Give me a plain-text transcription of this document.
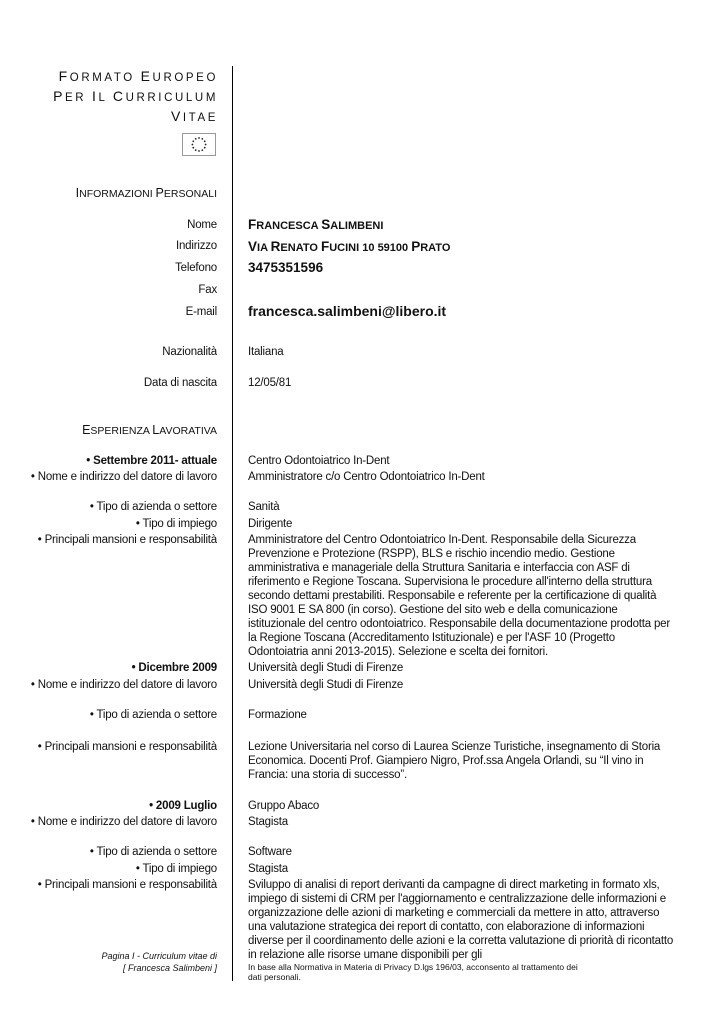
FORMATO EUROPEO
PER IL CURRICULUM
VITAE
INFORMAZIONI PERSONALI
Nome FRANCESCA SALIMBENI
Indirizzo VIA RENATO FUCINI 10 59100 PRATO
Telefono 3475351596
Fax
E-mail francesca.salimbeni@libero.it
Nazionalità	Italiana
Data di nascita	12/05/81
ESPERIENZA LAVORATIVA
• Settembre 2011- attuale	Centro Odontoiatrico In-Dent
• Nome e indirizzo del datore di lavoro	Amministratore c/o Centro Odontoiatrico In-Dent
• Tipo di azienda o settore	Sanità
• Tipo di impiego	Dirigente
• Principali mansioni e responsabilità	Amministratore del Centro Odontoiatrico In-Dent. Responsabile della Sicurezza Prevenzione e Protezione (RSPP), BLS e rischio incendio medio. Gestione amministrativa e manageriale della Struttura Sanitaria e interfaccia con ASF di riferimento e Regione Toscana. Supervisiona le procedure all'interno della struttura secondo dettami prestabiliti. Responsabile e referente per la certificazione di qualità ISO 9001 E SA 800 (in corso). Gestione del sito web e della comunicazione istituzionale del centro odontoiatrico. Responsabile della documentazione prodotta per la Regione Toscana (Accreditamento Istituzionale) e per l'ASF 10 (Progetto Odontoiatria anni 2013-2015). Selezione e scelta dei fornitori.
• Dicembre 2009	Università degli Studi di Firenze
• Nome e indirizzo del datore di lavoro	Università degli Studi di Firenze
• Tipo di azienda o settore	Formazione
• Principali mansioni e responsabilità	Lezione Universitaria nel corso di Laurea Scienze Turistiche, insegnamento di Storia Economica. Docenti Prof. Giampiero Nigro, Prof.ssa Angela Orlandi, su “Il vino in Francia: una storia di successo”.
• 2009 Luglio	Gruppo Abaco
• Nome e indirizzo del datore di lavoro	Stagista
• Tipo di azienda o settore	Software
• Tipo di impiego	Stagista
• Principali mansioni e responsabilità	Sviluppo di analisi di report derivanti da campagne di direct marketing in formato xls, impiego di sistemi di CRM per l'aggiornamento e centralizzazione delle informazioni e organizzazione delle azioni di marketing e commerciali da mettere in atto, attraverso una valutazione strategica dei report di contatto, con elaborazione di informazioni diverse per il coordinamento delle azioni e la corretta valutazione di priorità di ricontatto in relazione alle risorse umane disponibili per gli
Pagina I - Curriculum vitae di
[ Francesca Salimbeni ]	In base alla Normativa in Materia di Privacy D.lgs 196/03, acconsento al trattamento dei dati personali.
